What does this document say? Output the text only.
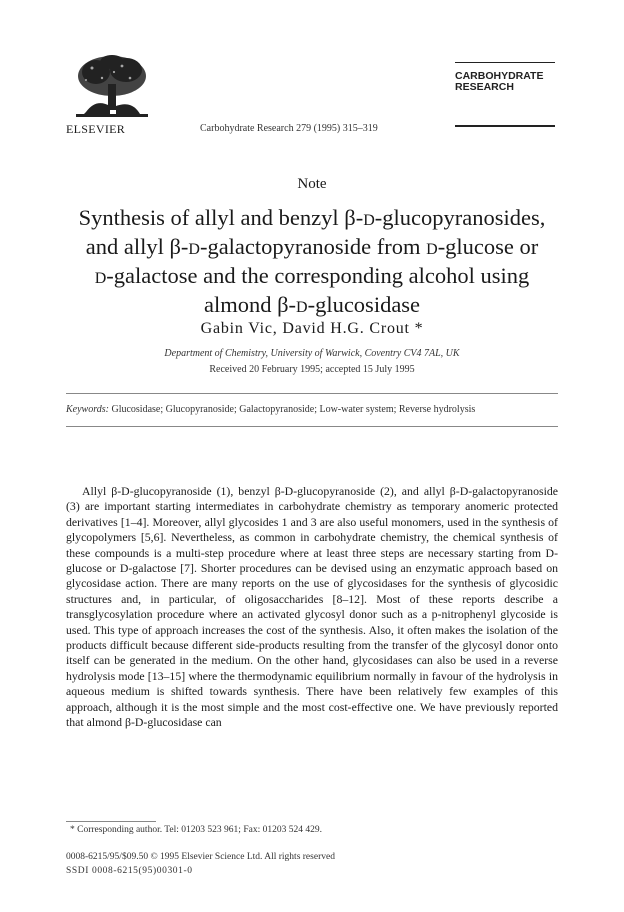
ELSEVIER	Carbohydrate Research 279 (1995) 315–319
CARBOHYDRATE
RESEARCH
Note
Synthesis of allyl and benzyl β-d-glucopyranosides,
and allyl β-d-galactopyranoside from d-glucose or
d-galactose and the corresponding alcohol using
almond β-d-glucosidase
Gabin Vic, David H.G. Crout *
Department of Chemistry, University of Warwick, Coventry CV4 7AL, UK
Received 20 February 1995; accepted 15 July 1995
Keywords: Glucosidase; Glucopyranoside; Galactopyranoside; Low-water system; Reverse hydrolysis
Allyl β-D-glucopyranoside (1), benzyl β-D-glucopyranoside (2), and allyl β-D-galactopyranoside (3) are important starting intermediates in carbohydrate chemistry as temporary anomeric protected derivatives [1–4]. Moreover, allyl glycosides 1 and 3 are also useful monomers, used in the synthesis of glycopolymers [5,6]. Nevertheless, as common in carbohydrate chemistry, the chemical synthesis of these compounds is a multi-step procedure where at least three steps are necessary starting from D-glucose or D-galactose [7]. Shorter procedures can be devised using an enzymatic approach based on glycosidase action. There are many reports on the use of glycosidases for the synthesis of glycosidic structures and, in particular, of oligosaccharides [8–12]. Most of these reports describe a transglycosylation procedure where an activated glycosyl donor such as a p-nitrophenyl glycoside is used. This type of approach increases the cost of the synthesis. Also, it often makes the isolation of the products difficult because different side-products resulting from the transfer of the glycosyl donor onto itself can be generated in the medium. On the other hand, glycosidases can also be used in a reverse hydrolysis mode [13–15] where the thermodynamic equilibrium normally in favour of the hydrolysis in aqueous medium is shifted towards synthesis. There have been relatively few examples of this approach, although it is the most simple and the most cost-effective one. We have previously reported that almond β-D-glucosidase can
* Corresponding author. Tel: 01203 523 961; Fax: 01203 524 429.
0008-6215/95/$09.50 © 1995 Elsevier Science Ltd. All rights reserved
SSDI 0008-6215(95)00301-0
